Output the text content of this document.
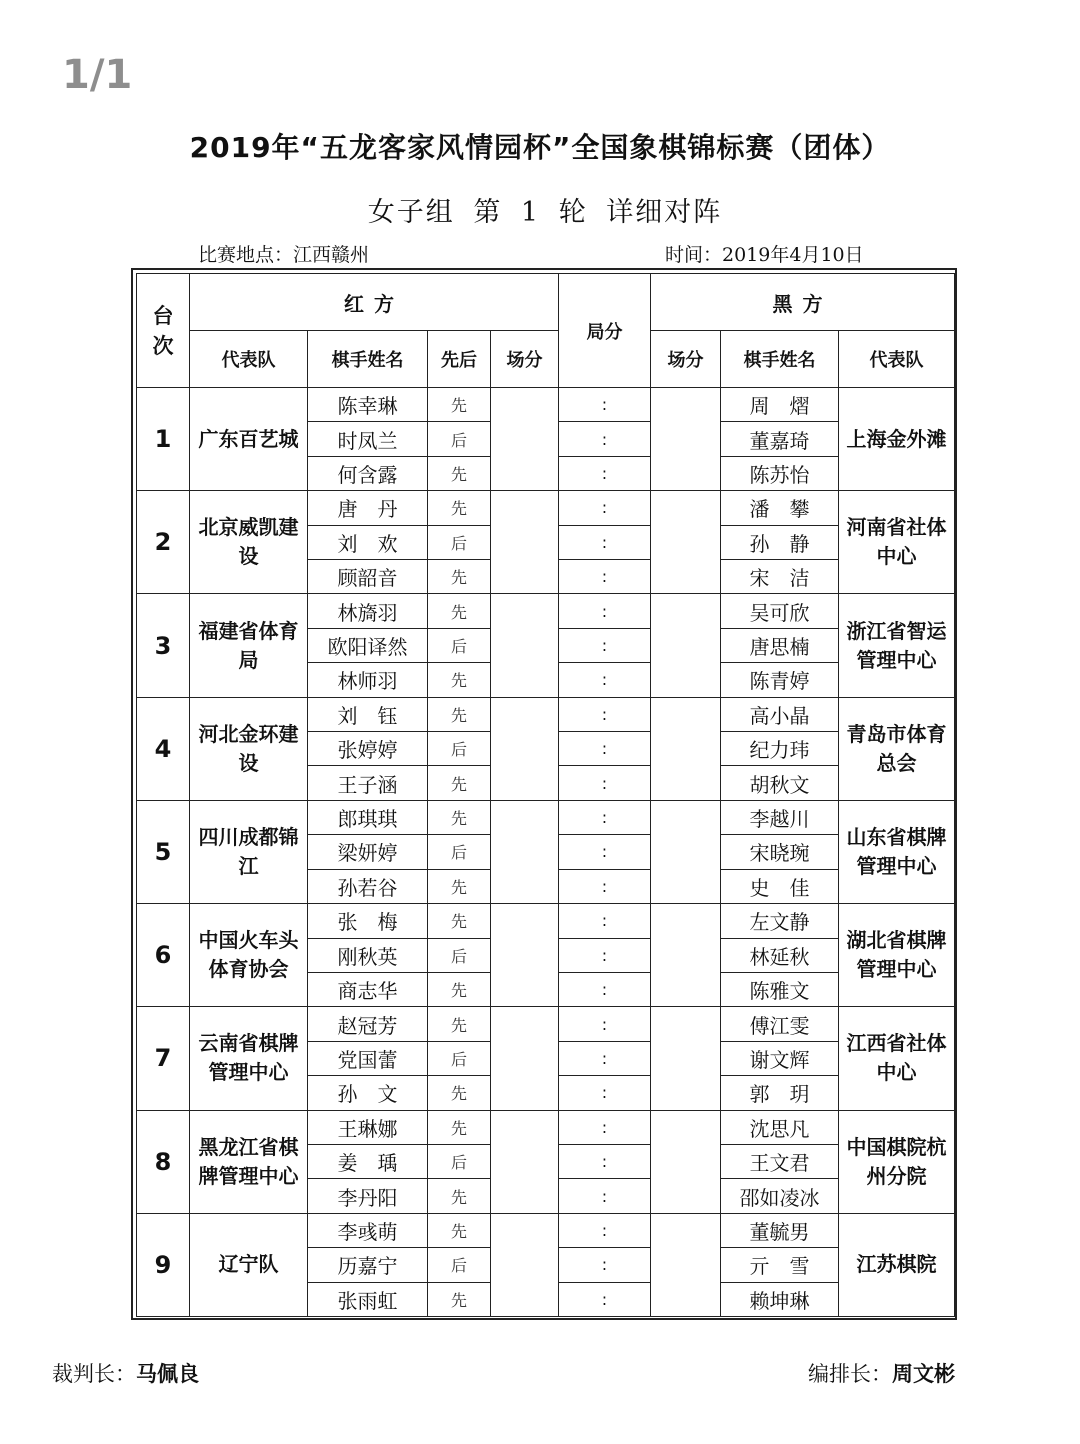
1/1
2019年“五龙客家风情园杯”全国象棋锦标赛（团体）
女子组 第 1 轮 详细对阵
比赛地点：江西赣州	时间：2019年4月10日
台
次	红方				局分	黑方		
	代表队	棋手姓名	先后	场分		场分	棋手姓名	代表队
1	广东百艺城	陈幸琳	先		:		周　熠	上海金外滩
		时凤兰	后		:		董嘉琦	
		何含露	先		:		陈苏怡	
2	北京威凯建设	唐　丹	先		:		潘　攀	河南省社体中心
		刘　欢	后		:		孙　静	
		顾韶音	先		:		宋　洁	
3	福建省体育局	林旖羽	先		:		吴可欣	浙江省智运管理中心
		欧阳译然	后		:		唐思楠	
		林师羽	先		:		陈青婷	
4	河北金环建设	刘　钰	先		:		高小晶	青岛市体育总会
		张婷婷	后		:		纪力玮	
		王子涵	先		:		胡秋文	
5	四川成都锦江	郎琪琪	先		:		李越川	山东省棋牌管理中心
		梁妍婷	后		:		宋晓琬	
		孙若谷	先		:		史　佳	
6	中国火车头体育协会	张　梅	先		:		左文静	湖北省棋牌管理中心
		刚秋英	后		:		林延秋	
		商志华	先		:		陈雅文	
7	云南省棋牌管理中心	赵冠芳	先		:		傅江雯	江西省社体中心
		党国蕾	后		:		谢文辉	
		孙　文	先		:		郭　玥	
8	黑龙江省棋牌管理中心	王琳娜	先		:		沈思凡	中国棋院杭州分院
		姜　瑀	后		:		王文君	
		李丹阳	先		:		邵如凌冰	
9	辽宁队	李彧萌	先		:		董毓男	江苏棋院
		历嘉宁	后		:		亓　雪	
		张雨虹	先		:		赖坤琳	
裁判长：马佩良	编排长：周文彬
